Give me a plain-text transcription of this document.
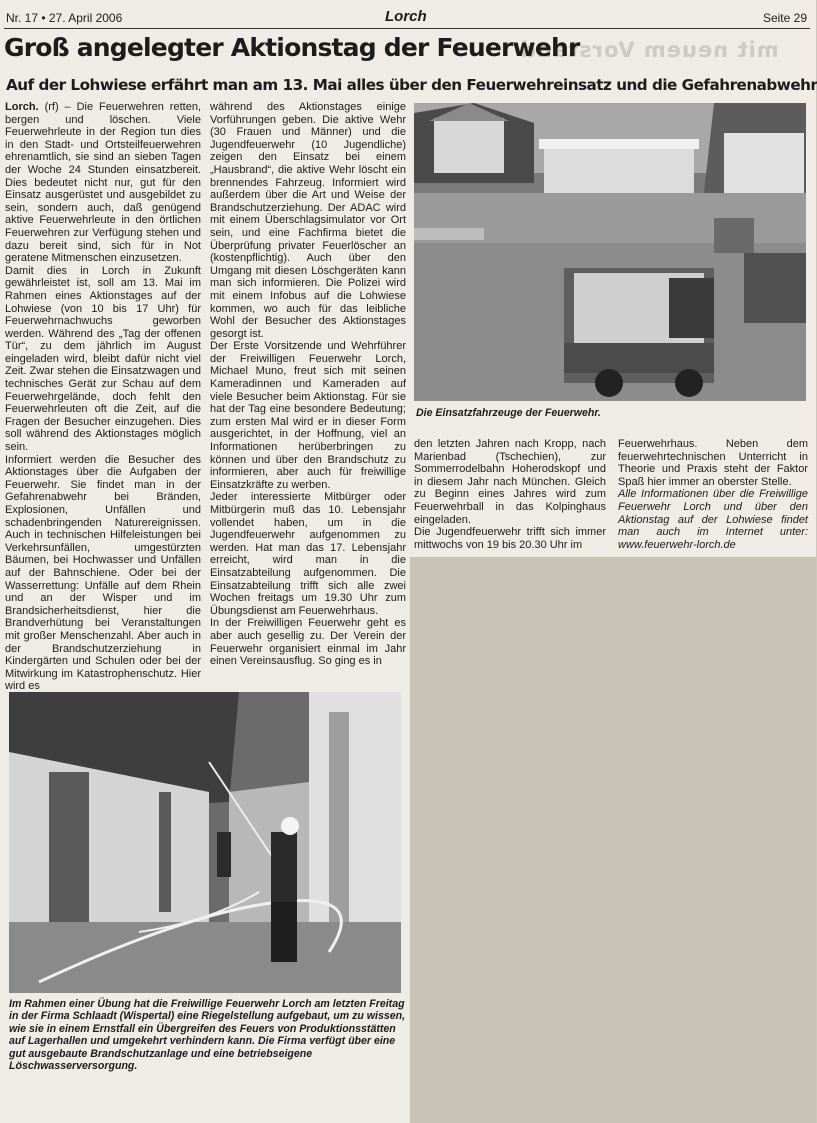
Nr. 17 • 27. April 2006	Lorch	Seite 29
mit neuem Vorstand
Groß angelegter Aktionstag der Feuerwehr
Auf der Lohwiese erfährt man am 13. Mai alles über den Feuerwehreinsatz und die Gefahrenabwehr

Lorch. (rf) – Die Feuerwehren retten, bergen und löschen. Viele Feuerwehrleute in der Region tun dies in den Stadt- und Ortsteilfeuerwehren ehrenamtlich, sie sind an sieben Tagen der Woche 24 Stunden einsatzbereit. Dies bedeutet nicht nur, gut für den Einsatz ausgerüstet und ausgebildet zu sein, sondern auch, daß genügend aktive Feuerwehrleute in den örtlichen Feuerwehren zur Verfügung stehen und dazu bereit sind, sich für in Not geratene Mitmenschen einzusetzen.

Damit dies in Lorch in Zukunft gewährleistet ist, soll am 13. Mai im Rahmen eines Aktionstages auf der Lohwiese (von 10 bis 17 Uhr) für Feuerwehrnachwuchs geworben werden. Während des „Tag der offenen Tür“, zu dem jährlich im August eingeladen wird, bleibt dafür nicht viel Zeit. Zwar stehen die Einsatzwagen und technisches Gerät zur Schau auf dem Feuerwehrgelände, doch fehlt den Feuerwehrleuten oft die Zeit, auf die Fragen der Besucher einzugehen. Dies soll während des Aktionstages möglich sein.

Informiert werden die Besucher des Aktionstages über die Aufgaben der Feuerwehr. Sie findet man in der Gefahrenabwehr bei Bränden, Explosionen, Unfällen und schadenbringenden Naturereignissen. Auch in technischen Hilfeleistungen bei Verkehrsunfällen, umgestürzten Bäumen, bei Hochwasser und Unfällen auf der Bahnschiene. Oder bei der Wasserrettung: Unfälle auf dem Rhein und an der Wisper und im Brandsicherheitsdienst, hier die Brandverhütung bei Veranstaltungen mit großer Menschenzahl. Aber auch in der Brandschutzerziehung in Kindergärten und Schulen oder bei der Mitwirkung im Katastrophenschutz. Hier wird es

während des Aktionstages einige Vorführungen geben. Die aktive Wehr (30 Frauen und Männer) und die Jugendfeuerwehr (10 Jugendliche) zeigen den Einsatz bei einem „Hausbrand“, die aktive Wehr löscht ein brennendes Fahrzeug. Informiert wird außerdem über die Art und Weise der Brandschutzerziehung. Der ADAC wird mit einem Überschlagsimulator vor Ort sein, und eine Fachfirma bietet die Überprüfung privater Feuerlöscher an (kostenpflichtig). Auch über den Umgang mit diesen Löschgeräten kann man sich informieren. Die Polizei wird mit einem Infobus auf die Lohwiese kommen, wo auch für das leibliche Wohl der Besucher des Aktionstages gesorgt ist.

Der Erste Vorsitzende und Wehrführer der Freiwilligen Feuerwehr Lorch, Michael Muno, freut sich mit seinen Kameradinnen und Kameraden auf viele Besucher beim Aktionstag. Für sie hat der Tag eine besondere Bedeutung; zum ersten Mal wird er in dieser Form ausgerichtet, in der Hoffnung, viel an Informationen herüberbringen zu können und über den Brandschutz zu informieren, aber auch für freiwillige Einsatzkräfte zu werben.

Jeder interessierte Mitbürger oder Mitbürgerin muß das 10. Lebensjahr vollendet haben, um in die Jugendfeuerwehr aufgenommen zu werden. Hat man das 17. Lebensjahr erreicht, wird man in die Einsatzabteilung aufgenommen. Die Einsatzabteilung trifft sich alle zwei Wochen freitags um 19.30 Uhr zum Übungsdienst am Feuerwehrhaus.

In der Freiwilligen Feuerwehr geht es aber auch gesellig zu. Der Verein der Feuerwehr organisiert einmal im Jahr einen Vereinsausflug. So ging es in

Die Einsatzfahrzeuge der Feuerwehr.

den letzten Jahren nach Kropp, nach Marienbad (Tschechien), zur Sommerrodelbahn Hoherodskopf und in diesem Jahr nach München. Gleich zu Beginn eines Jahres wird zum Feuerwehrball in das Kolpinghaus eingeladen.

Die Jugendfeuerwehr trifft sich immer mittwochs von 19 bis 20.30 Uhr im

Feuerwehrhaus. Neben dem feuerwehrtechnischen Unterricht in Theorie und Praxis steht der Faktor Spaß hier immer an oberster Stelle.

Alle Informationen über die Freiwillige Feuerwehr Lorch und über den Aktionstag auf der Lohwiese findet man auch im Internet unter: www.feuerwehr-lorch.de

Im Rahmen einer Übung hat die Freiwillige Feuerwehr Lorch am letzten Freitag in der Firma Schlaadt (Wispertal) eine Riegelstellung aufgebaut, um zu wissen, wie sie in einem Ernstfall ein Übergreifen des Feuers von Produktionsstätten auf Lagerhallen und umgekehrt verhindern kann. Die Firma verfügt über eine gut ausgebaute Brandschutzanlage und eine betriebseigene Löschwasserversorgung.
